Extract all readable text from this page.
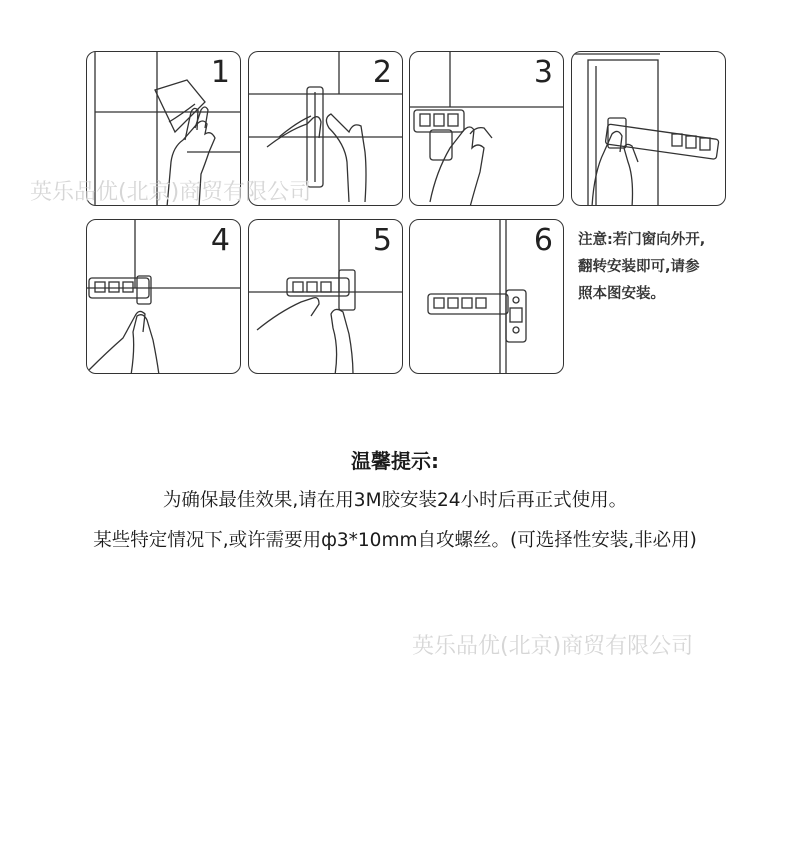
1	2	3
4	5	6 注意:若门窗向外开,
翻转安装即可,请参
照本图安装。
英乐品优(北京)商贸有限公司
英乐品优(北京)商贸有限公司
温馨提示:
为确保最佳效果,请在用3M胶安装24小时后再正式使用。
某些特定情况下,或许需要用ф3*10mm自攻螺丝。(可选择性安装,非必用)
